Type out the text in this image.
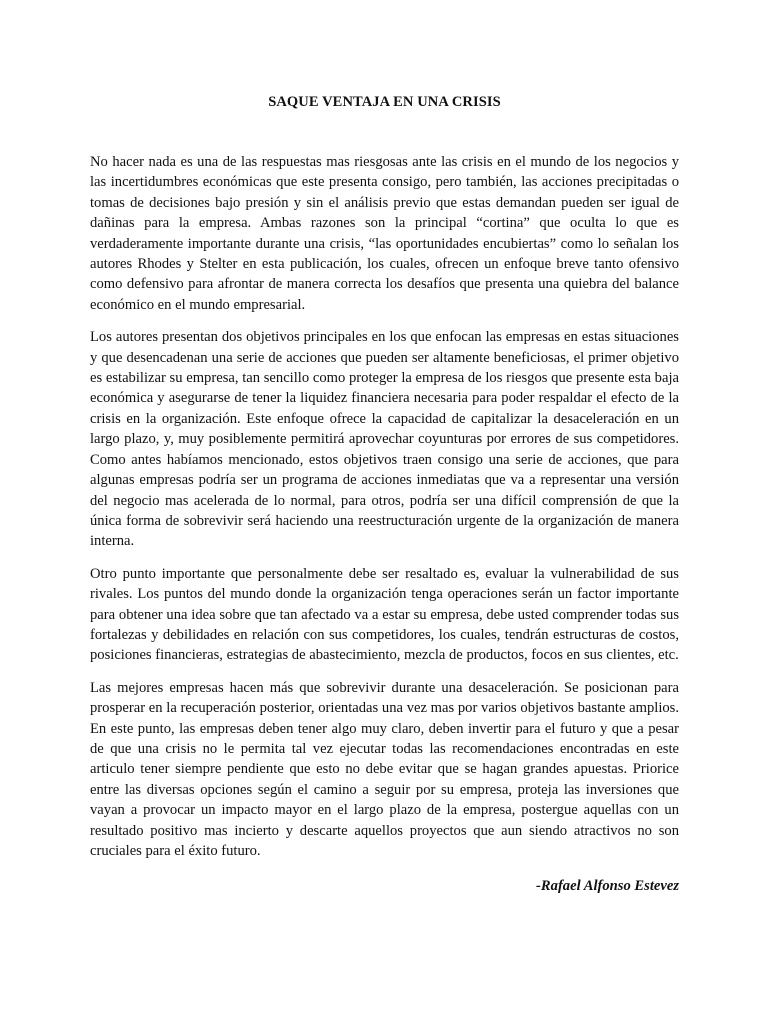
SAQUE VENTAJA EN UNA CRISIS

No hacer nada es una de las respuestas mas riesgosas ante las crisis en el mundo de los negocios y las incertidumbres económicas que este presenta consigo, pero también, las acciones precipitadas o tomas de decisiones bajo presión y sin el análisis previo que estas demandan pueden ser igual de dañinas para la empresa. Ambas razones son la principal “cortina” que oculta lo que es verdaderamente importante durante una crisis, “las oportunidades encubiertas” como lo señalan los autores Rhodes y Stelter en esta publicación, los cuales, ofrecen un enfoque breve tanto ofensivo como defensivo para afrontar de manera correcta los desafíos que presenta una quiebra del balance económico en el mundo empresarial.

Los autores presentan dos objetivos principales en los que enfocan las empresas en estas situaciones y que desencadenan una serie de acciones que pueden ser altamente beneficiosas, el primer objetivo es estabilizar su empresa, tan sencillo como proteger la empresa de los riesgos que presente esta baja económica y asegurarse de tener la liquidez financiera necesaria para poder respaldar el efecto de la crisis en la organización. Este enfoque ofrece la capacidad de capitalizar la desaceleración en un largo plazo, y, muy posiblemente permitirá aprovechar coyunturas por errores de sus competidores. Como antes habíamos mencionado, estos objetivos traen consigo una serie de acciones, que para algunas empresas podría ser un programa de acciones inmediatas que va a representar una versión del negocio mas acelerada de lo normal, para otros, podría ser una difícil comprensión de que la única forma de sobrevivir será haciendo una reestructuración urgente de la organización de manera interna.

Otro punto importante que personalmente debe ser resaltado es, evaluar la vulnerabilidad de sus rivales. Los puntos del mundo donde la organización tenga operaciones serán un factor importante para obtener una idea sobre que tan afectado va a estar su empresa, debe usted comprender todas sus fortalezas y debilidades en relación con sus competidores, los cuales, tendrán estructuras de costos, posiciones financieras, estrategias de abastecimiento, mezcla de productos, focos en sus clientes, etc.

Las mejores empresas hacen más que sobrevivir durante una desaceleración. Se posicionan para prosperar en la recuperación posterior, orientadas una vez mas por varios objetivos bastante amplios. En este punto, las empresas deben tener algo muy claro, deben invertir para el futuro y que a pesar de que una crisis no le permita tal vez ejecutar todas las recomendaciones encontradas en este articulo tener siempre pendiente que esto no debe evitar que se hagan grandes apuestas. Priorice entre las diversas opciones según el camino a seguir por su empresa, proteja las inversiones que vayan a provocar un impacto mayor en el largo plazo de la empresa, postergue aquellas con un resultado positivo mas incierto y descarte aquellos proyectos que aun siendo atractivos no son cruciales para el éxito futuro.

-Rafael Alfonso Estevez
